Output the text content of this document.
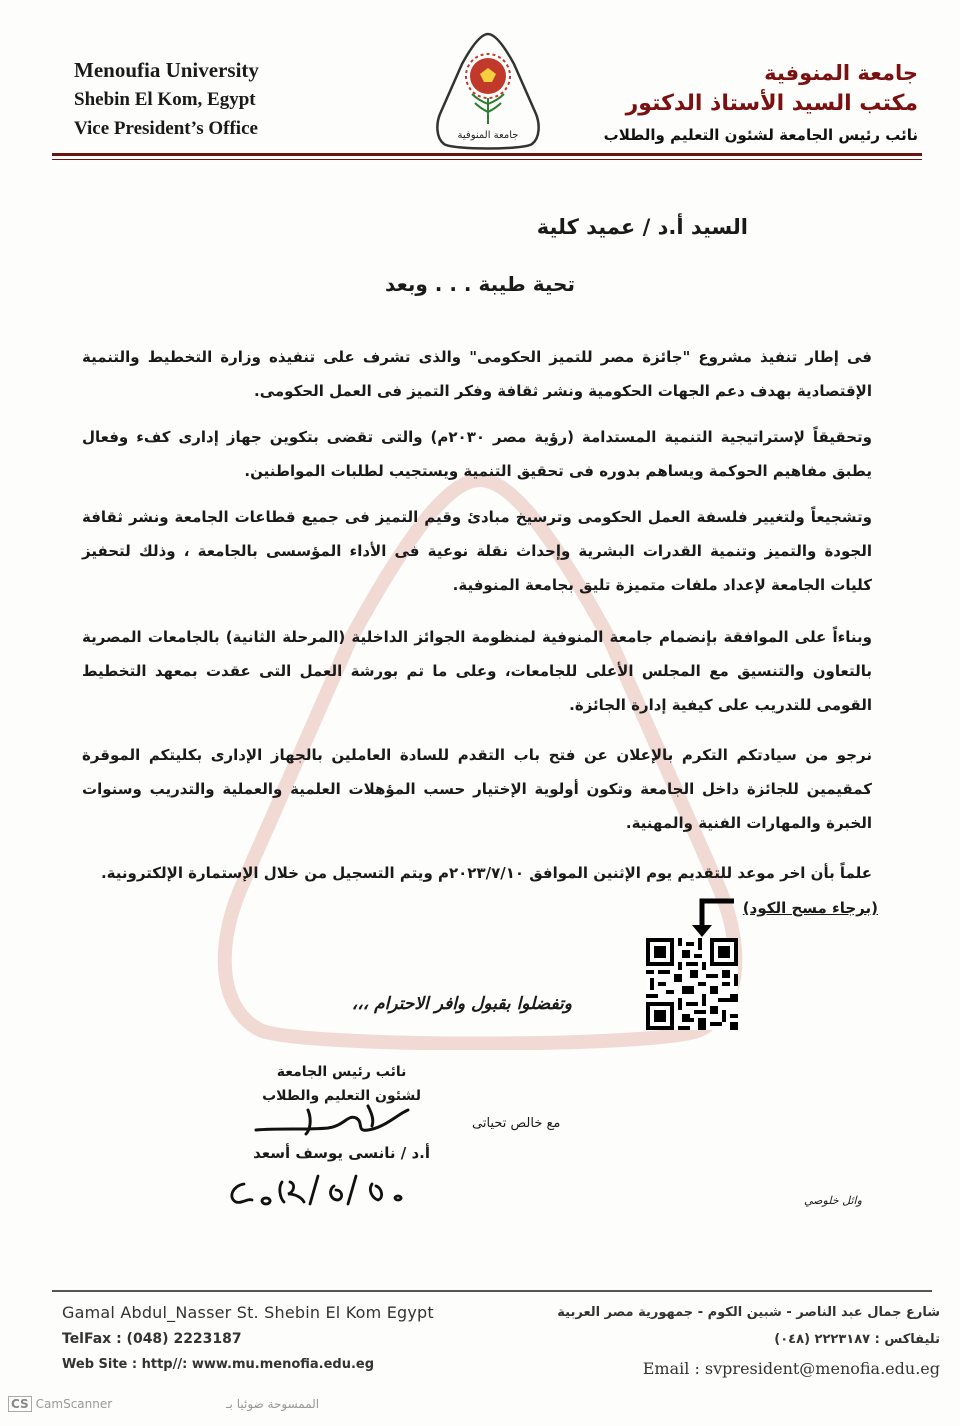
Menoufia University
Shebin El Kom, Egypt
Vice President’s Office	جامعة المنوفية
جامعة المنوفية
مكتب السيد الأستاذ الدكتور
نائب رئيس الجامعة لشئون التعليم والطلاب
السيد أ.د / عميد كلية
تحية طيبة . . . وبعد

فى إطار تنفيذ مشروع "جائزة مصر للتميز الحكومى" والذى تشرف على تنفيذه وزارة التخطيط والتنمية الإقتصادية بهدف دعم الجهات الحكومية ونشر ثقافة وفكر التميز فى العمل الحكومى.

وتحقيقاً لإستراتيجية التنمية المستدامة (رؤية مصر ٢٠٣٠م) والتى تقضى بتكوين جهاز إدارى كفء وفعال يطبق مفاهيم الحوكمة ويساهم بدوره فى تحقيق التنمية ويستجيب لطلبات المواطنين.

وتشجيعاً ولتغيير فلسفة العمل الحكومى وترسيخ مبادئ وقيم التميز فى جميع قطاعات الجامعة ونشر ثقافة الجودة والتميز وتنمية القدرات البشرية وإحداث نقلة نوعية فى الأداء المؤسسى بالجامعة ، وذلك لتحفيز كليات الجامعة لإعداد ملفات متميزة تليق بجامعة المنوفية.

وبناءاً على الموافقة بإنضمام جامعة المنوفية لمنظومة الجوائز الداخلية (المرحلة الثانية) بالجامعات المصرية بالتعاون والتنسيق مع المجلس الأعلى للجامعات، وعلى ما تم بورشة العمل التى عقدت بمعهد التخطيط القومى للتدريب على كيفية إدارة الجائزة.

نرجو من سيادتكم التكرم بالإعلان عن فتح باب التقدم للسادة العاملين بالجهاز الإدارى بكليتكم الموقرة كمقيمين للجائزة داخل الجامعة وتكون أولوية الإختيار حسب المؤهلات العلمية والعملية والتدريب وسنوات الخبرة والمهارات الفنية والمهنية.

علماً بأن اخر موعد للتقديم يوم الإثنين الموافق ٢٠٢٣/٧/١٠م ويتم التسجيل من خلال الإستمارة الإلكترونية.

(برجاء مسح الكود)
وتفضلوا بقبول وافر الاحترام ،،،
نائب رئيس الجامعة
لشئون التعليم والطلاب
أ.د / نانسى يوسف أسعد
مع خالص تحياتى
وائل خلوصي
Gamal Abdul_Nasser St. Shebin El Kom Egypt
TelFax : (048) 2223187
Web Site : http//: www.mu.menofia.edu.eg
شارع جمال عبد الناصر - شبين الكوم - جمهورية مصر العربية
تليفاكس : ٢٢٢٣١٨٧ (٠٤٨)
Email : svpresident@menofia.edu.eg
CS CamScanner	الممسوحة ضوئيا بـ
